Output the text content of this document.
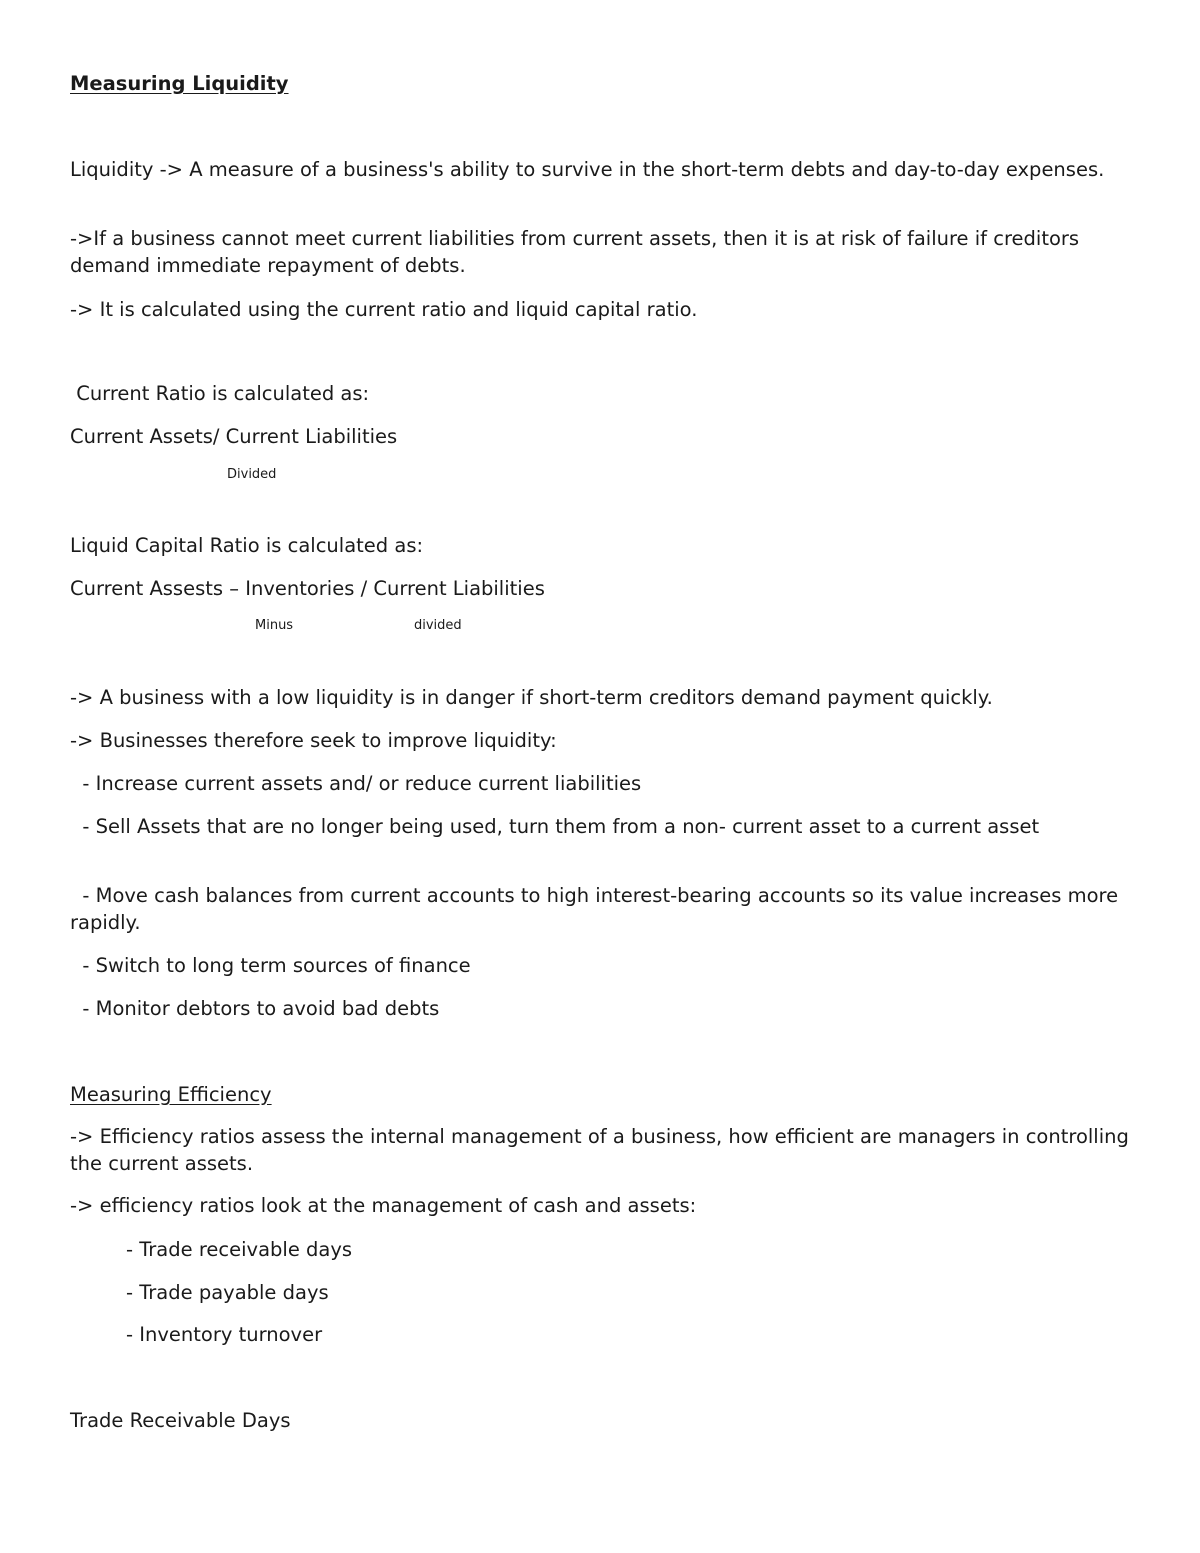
Measuring Liquidity

Liquidity -> A measure of a business's ability to survive in the short-term debts and day-to-day expenses.

->If a business cannot meet current liabilities from current assets, then it is at risk of failure if creditors demand immediate repayment of debts.

-> It is calculated using the current ratio and liquid capital ratio.

Current Ratio is calculated as:

Current Assets/ Current Liabilities

Divided

Liquid Capital Ratio is calculated as:

Current Assests – Inventories / Current Liabilities

Minus	divided

-> A business with a low liquidity is in danger if short-term creditors demand payment quickly.

-> Businesses therefore seek to improve liquidity:

- Increase current assets and/ or reduce current liabilities

- Sell Assets that are no longer being used, turn them from a non- current asset to a current asset

- Move cash balances from current accounts to high interest-bearing accounts so its value increases more rapidly.

- Switch to long term sources of finance

- Monitor debtors to avoid bad debts

Measuring Efficiency

-> Efficiency ratios assess the internal management of a business, how efficient are managers in controlling the current assets.

-> efficiency ratios look at the management of cash and assets:

- Trade receivable days

- Trade payable days

- Inventory turnover

Trade Receivable Days
